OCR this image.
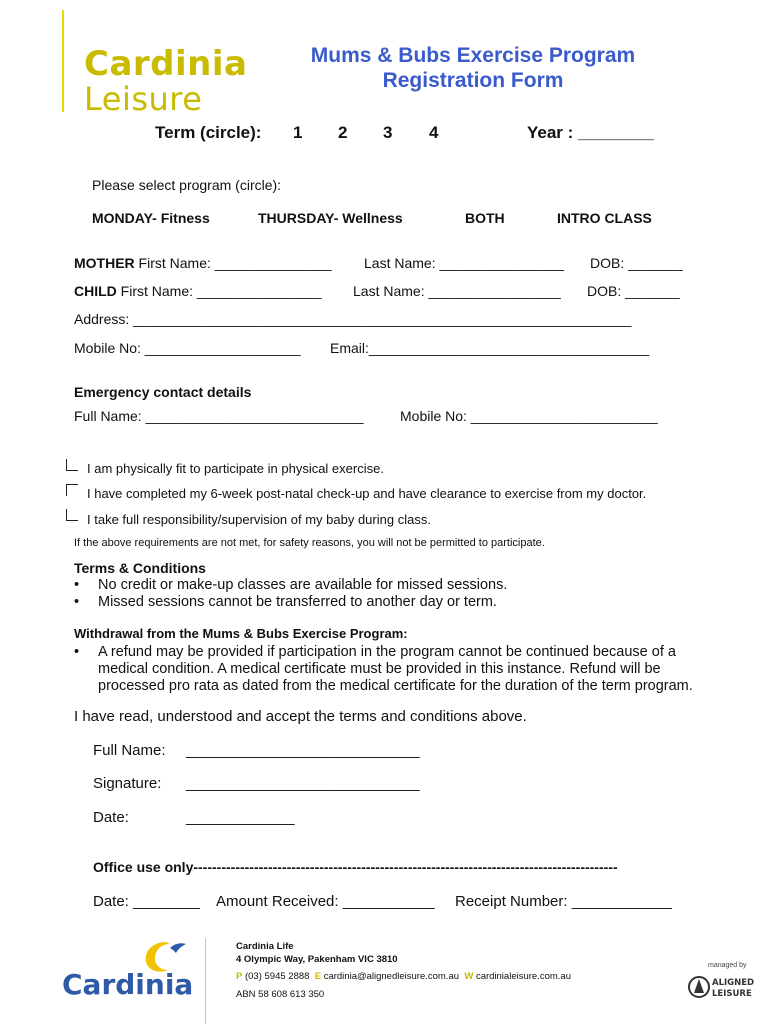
Cardinia
Leisure
Mums & Bubs Exercise Program
Registration Form
Term (circle): 1 2 3 4	Year : ________
Please select program (circle):
MONDAY- Fitness	THURSDAY- Wellness	BOTH	INTRO CLASS
MOTHER First Name: _______________ Last Name: ________________ DOB: _______
CHILD First Name: ________________ Last Name: _________________ DOB: _______
Address: ________________________________________________________________
Mobile No: ____________________ Email:____________________________________
Emergency contact details
Full Name: ____________________________	Mobile No: ________________________
I am physically fit to participate in physical exercise.
I have completed my 6-week post-natal check-up and have clearance to exercise from my doctor.
I take full responsibility/supervision of my baby during class.
If the above requirements are not met, for safety reasons, you will not be permitted to participate.
Terms & Conditions
• No credit or make-up classes are available for missed sessions.
• Missed sessions cannot be transferred to another day or term.
Withdrawal from the Mums & Bubs Exercise Program:
• A refund may be provided if participation in the program cannot be continued because of a
medical condition. A medical certificate must be provided in this instance. Refund will be
processed pro rata as dated from the medical certificate for the duration of the term program.
I have read, understood and accept the terms and conditions above.
Full Name: ____________________________
Signature: ____________________________
Date:	_____________
Office use only-------------------------------------------------------------------------------------------
Date: ________ Amount Received: ___________ Receipt Number: ____________
Cardinia
Cardinia Life
4 Olympic Way, Pakenham VIC 3810
P (03) 5945 2888 E cardinia@alignedleisure.com.au W cardinialeisure.com.au
ABN 58 608 613 350
managed by
ALIGNED
LEISURE
